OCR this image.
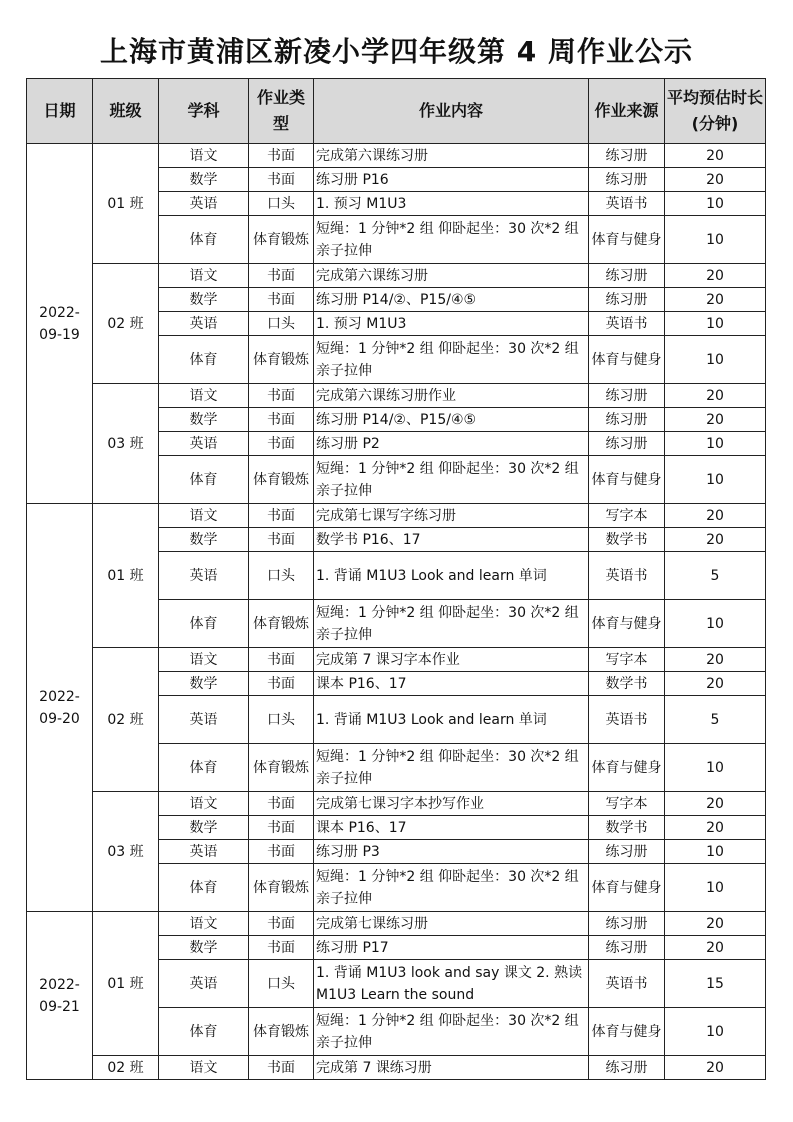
上海市黄浦区新凌小学四年级第 4 周作业公示
日期	班级	学科	作业类型	作业内容	作业来源	平均预估时长(分钟)
2022-09-19	01 班	语文	书面	完成第六课练习册	练习册	20
		数学	书面	练习册 P16	练习册	20
		英语	口头	1. 预习 M1U3	英语书	10
		体育	体育锻炼	短绳：1 分钟*2 组 仰卧起坐：30 次*2 组 亲子拉伸	体育与健身	10
	02 班	语文	书面	完成第六课练习册	练习册	20
		数学	书面	练习册 P14/②、P15/④⑤	练习册	20
		英语	口头	1. 预习 M1U3	英语书	10
		体育	体育锻炼	短绳：1 分钟*2 组 仰卧起坐：30 次*2 组 亲子拉伸	体育与健身	10
	03 班	语文	书面	完成第六课练习册作业	练习册	20
		数学	书面	练习册 P14/②、P15/④⑤	练习册	20
		英语	书面	练习册 P2	练习册	10
		体育	体育锻炼	短绳：1 分钟*2 组 仰卧起坐：30 次*2 组 亲子拉伸	体育与健身	10
2022-09-20	01 班	语文	书面	完成第七课写字练习册	写字本	20
		数学	书面	数学书 P16、17	数学书	20
		英语	口头	1. 背诵 M1U3 Look and learn 单词	英语书	5
		体育	体育锻炼	短绳：1 分钟*2 组 仰卧起坐：30 次*2 组 亲子拉伸	体育与健身	10
	02 班	语文	书面	完成第 7 课习字本作业	写字本	20
		数学	书面	课本 P16、17	数学书	20
		英语	口头	1. 背诵 M1U3 Look and learn 单词	英语书	5
		体育	体育锻炼	短绳：1 分钟*2 组 仰卧起坐：30 次*2 组 亲子拉伸	体育与健身	10
	03 班	语文	书面	完成第七课习字本抄写作业	写字本	20
		数学	书面	课本 P16、17	数学书	20
		英语	书面	练习册 P3	练习册	10
		体育	体育锻炼	短绳：1 分钟*2 组 仰卧起坐：30 次*2 组 亲子拉伸	体育与健身	10
2022-09-21	01 班	语文	书面	完成第七课练习册	练习册	20
		数学	书面	练习册 P17	练习册	20
		英语	口头	1. 背诵 M1U3 look and say 课文 2. 熟读 M1U3 Learn the sound	英语书	15
		体育	体育锻炼	短绳：1 分钟*2 组 仰卧起坐：30 次*2 组 亲子拉伸	体育与健身	10
	02 班	语文	书面	完成第 7 课练习册	练习册	20
